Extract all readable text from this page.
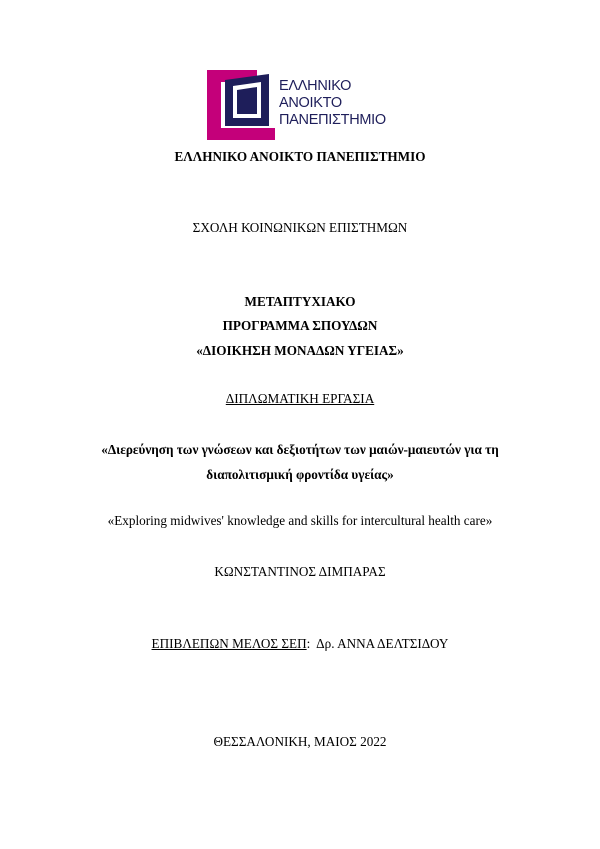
ΕΛΛΗΝΙΚΟ
ΑΝΟΙΚΤΟ
ΠΑΝΕΠΙΣΤΗΜΙΟ
ΕΛΛΗΝΙΚΟ ΑΝΟΙΚΤΟ ΠΑΝΕΠΙΣΤΗΜΙΟ
ΣΧΟΛΗ ΚΟΙΝΩΝΙΚΩΝ ΕΠΙΣΤΗΜΩΝ
ΜΕΤΑΠΤΥΧΙΑΚΟ
ΠΡΟΓΡΑΜΜΑ ΣΠΟΥΔΩΝ
«ΔΙΟΙΚΗΣΗ ΜΟΝΑΔΩΝ ΥΓΕΙΑΣ»
ΔΙΠΛΩΜΑΤΙΚΗ ΕΡΓΑΣΙΑ
«Διερεύνηση των γνώσεων και δεξιοτήτων των μαιών-μαιευτών για τη
διαπολιτισμική φροντίδα υγείας»
«Exploring midwives' knowledge and skills for intercultural health care»
ΚΩΝΣΤΑΝΤΙΝΟΣ ΔΙΜΠΑΡΑΣ
ΕΠΙΒΛΕΠΩΝ ΜΕΛΟΣ ΣΕΠ:  Δρ. ΑΝΝΑ ΔΕΛΤΣΙΔΟΥ
ΘΕΣΣΑΛΟΝΙΚΗ, ΜΑΙΟΣ 2022
